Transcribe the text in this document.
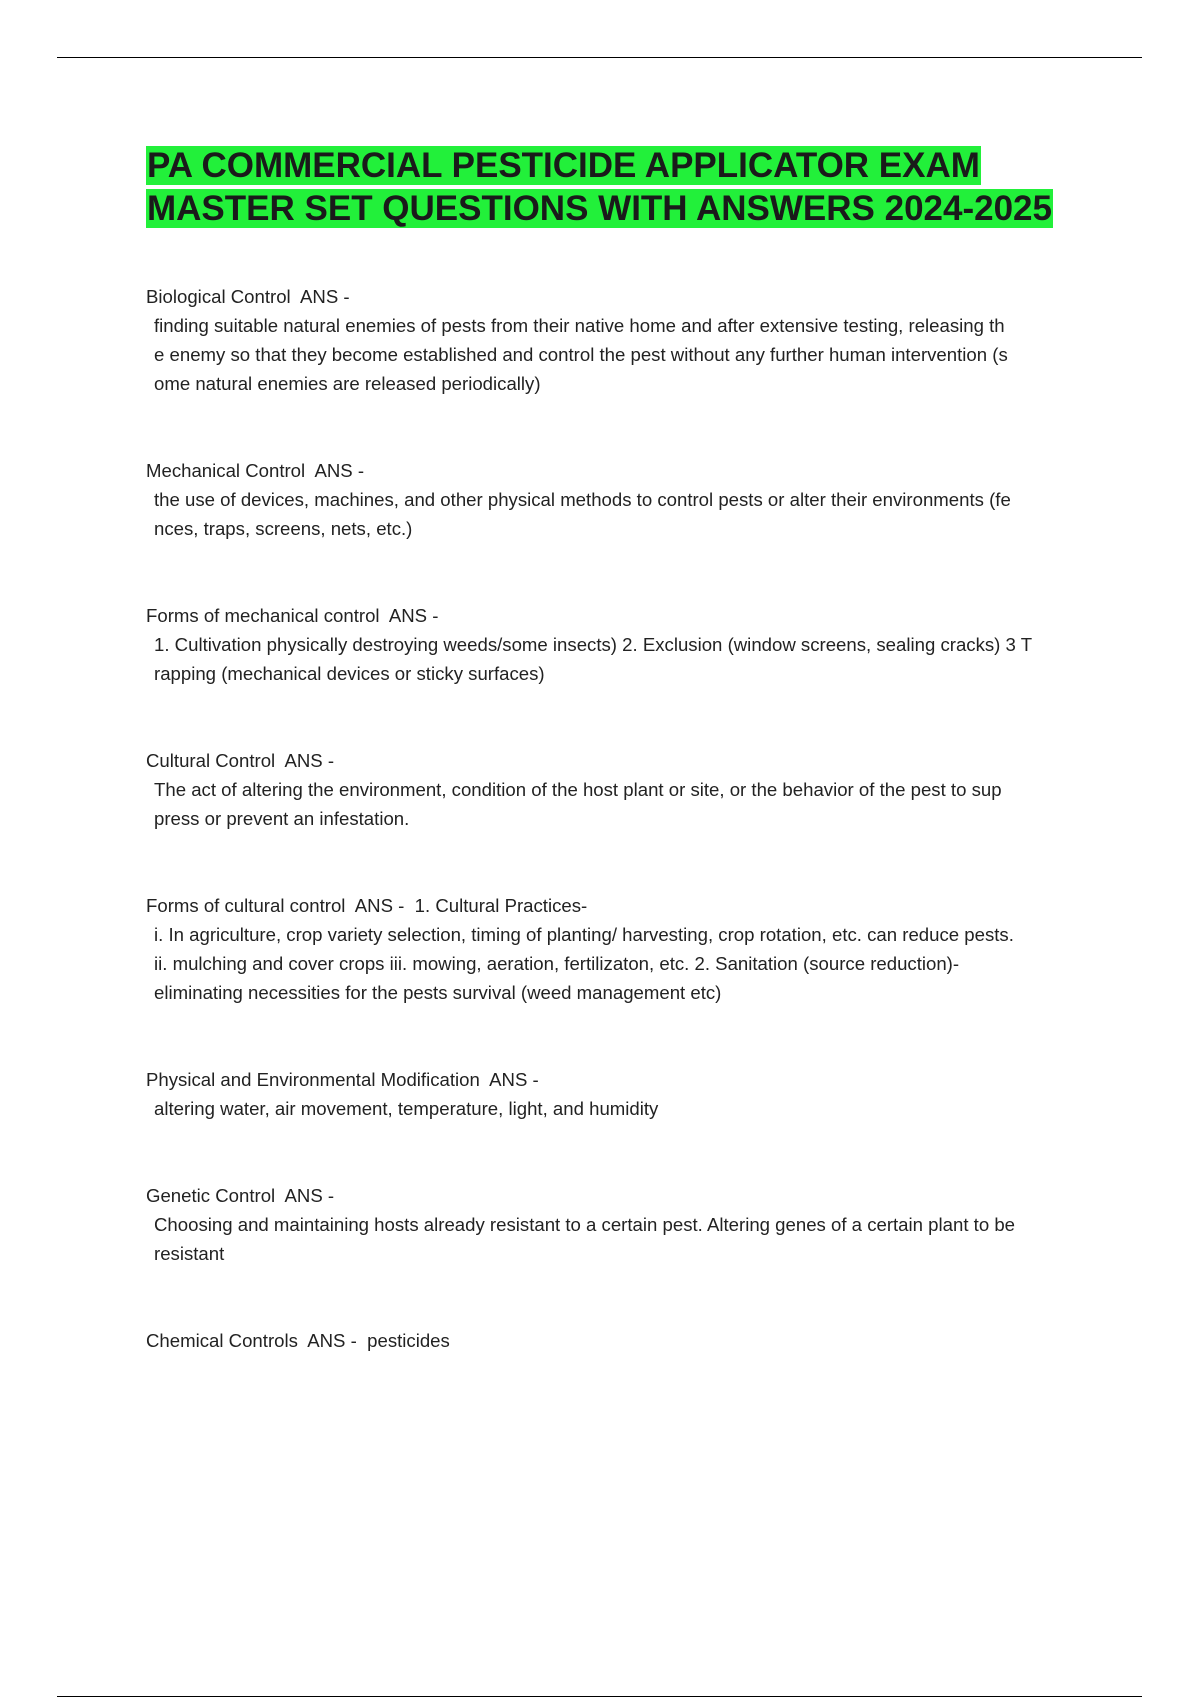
PA COMMERCIAL PESTICIDE APPLICATOR EXAM
MASTER SET QUESTIONS WITH ANSWERS 2024-2025
Biological Control  ANS -
finding suitable natural enemies of pests from their native home and after extensive testing, releasing th
e enemy so that they become established and control the pest without any further human intervention (s
ome natural enemies are released periodically)
Mechanical Control  ANS -
the use of devices, machines, and other physical methods to control pests or alter their environments (fe
nces, traps, screens, nets, etc.)
Forms of mechanical control  ANS -
1. Cultivation physically destroying weeds/some insects) 2. Exclusion (window screens, sealing cracks) 3 T
rapping (mechanical devices or sticky surfaces)
Cultural Control  ANS -
The act of altering the environment, condition of the host plant or site, or the behavior of the pest to sup
press or prevent an infestation.
Forms of cultural control  ANS -  1. Cultural Practices-
i. In agriculture, crop variety selection, timing of planting/ harvesting, crop rotation, etc. can reduce pests.
ii. mulching and cover crops iii. mowing, aeration, fertilizaton, etc. 2. Sanitation (source reduction)-
eliminating necessities for the pests survival (weed management etc)
Physical and Environmental Modification  ANS -
altering water, air movement, temperature, light, and humidity
Genetic Control  ANS -
Choosing and maintaining hosts already resistant to a certain pest. Altering genes of a certain plant to be
resistant
Chemical Controls  ANS -  pesticides
